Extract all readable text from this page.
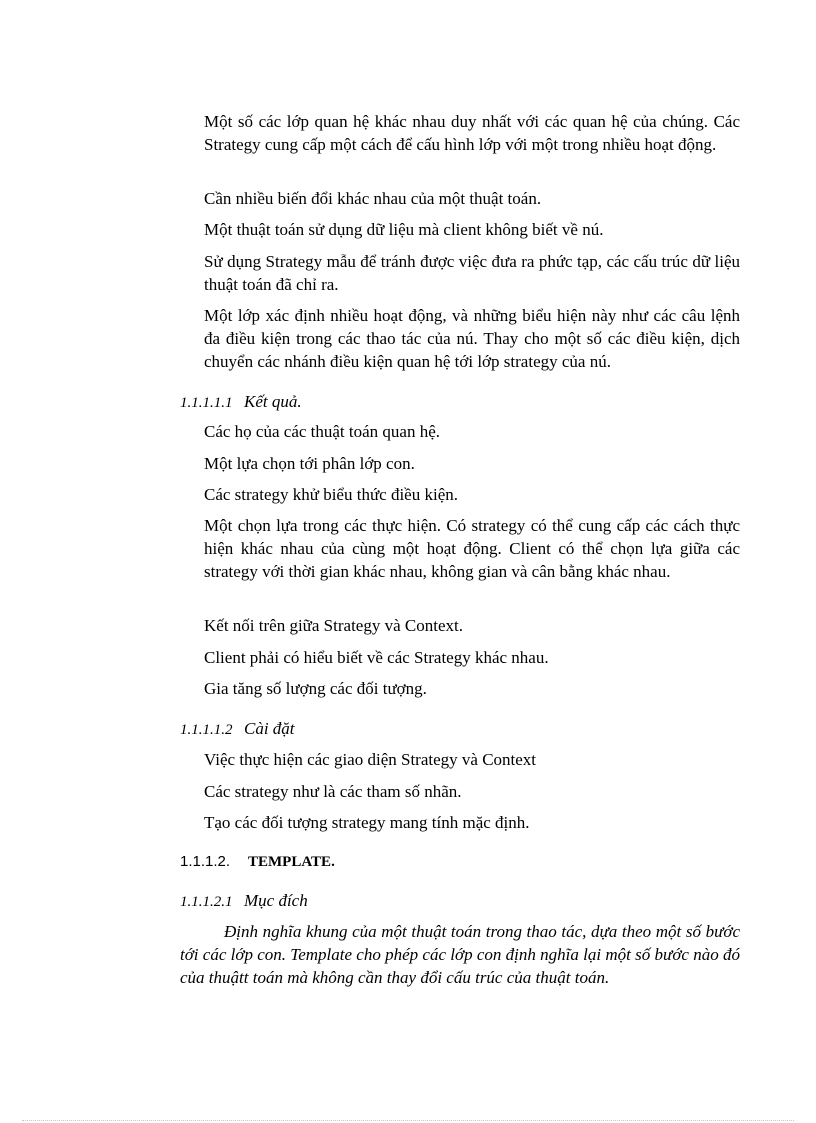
Một số các lớp quan hệ khác nhau duy nhất với các quan hệ của chúng. Các Strategy cung cấp một cách để cấu hình lớp với một trong nhiều hoạt động.

Cần nhiều biến đổi khác nhau của một thuật toán.

Một thuật toán sử dụng dữ liệu mà client không biết về nú.

Sử dụng Strategy mẫu để tránh được việc đưa ra phức tạp, các cấu trúc dữ liệu thuật toán đã chỉ ra.

Một lớp xác định nhiều hoạt động, và những biểu hiện này như các câu lệnh đa điều kiện trong các thao tác của nú. Thay cho một số các điều kiện, dịch chuyển các nhánh điều kiện quan hệ tới lớp strategy của nú.

1.1.1.1.1 Kết quả.

Các họ của các thuật toán quan hệ.

Một lựa chọn tới phân lớp con.

Các strategy khử biểu thức điều kiện.

Một chọn lựa trong các thực hiện. Có strategy có thể cung cấp các cách thực hiện khác nhau của cùng một hoạt động. Client có thể chọn lựa giữa các strategy với thời gian khác nhau, không gian và cân bằng khác nhau.

Kết nối trên giữa Strategy và Context.

Client phải có hiểu biết về các Strategy khác nhau.

Gia tăng số lượng các đối tượng.

1.1.1.1.2 Cài đặt

Việc thực hiện các giao diện Strategy và Context

Các strategy như là các tham số nhãn.

Tạo các đối tượng strategy mang tính mặc định.

1.1.1.2. TEMPLATE.

1.1.1.2.1 Mục đích

Định nghĩa khung của một thuật toán trong thao tác, dựa theo một số bước tới các lớp con. Template cho phép các lớp con định nghĩa lại một số bước nào đó của thuậtt toán mà không cần thay đổi cấu trúc của thuật toán.
